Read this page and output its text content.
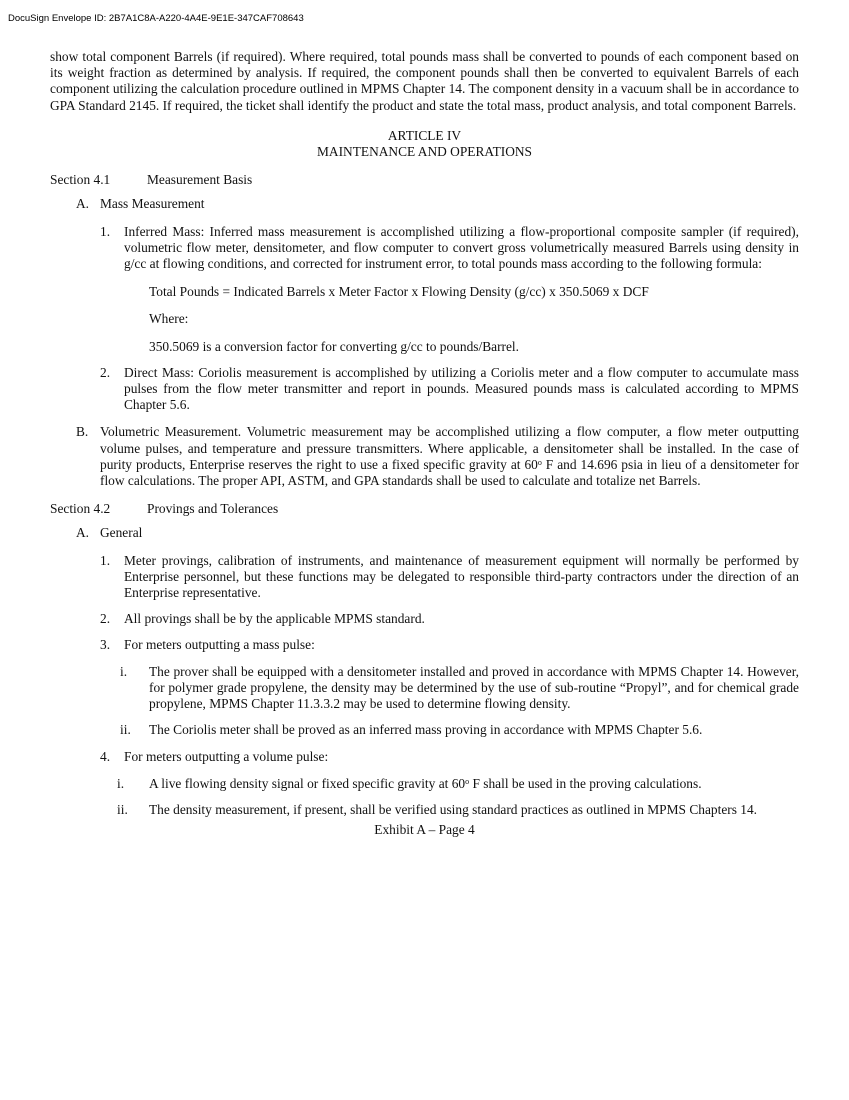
DocuSign Envelope ID: 2B7A1C8A-A220-4A4E-9E1E-347CAF708643

show total component Barrels (if required). Where required, total pounds mass shall be converted to pounds of each component based on its weight fraction as determined by analysis. If required, the component pounds shall then be converted to equivalent Barrels of each component utilizing the calculation procedure outlined in MPMS Chapter 14. The component density in a vacuum shall be in accordance to GPA Standard 2145. If required, the ticket shall identify the product and state the total mass, product analysis, and total component Barrels.

ARTICLE IV

MAINTENANCE AND OPERATIONS

Section 4.1	Measurement Basis

A. Mass Measurement
1.	Inferred Mass: Inferred mass measurement is accomplished utilizing a flow-proportional composite sampler (if required), volumetric flow meter, densitometer, and flow computer to convert gross volumetrically measured Barrels using density in g/cc at flowing conditions, and corrected for instrument error, to total pounds mass according to the following formula:

Total Pounds = Indicated Barrels x Meter Factor x Flowing Density (g/cc) x 350.5069 x DCF

Where:

350.5069 is a conversion factor for converting g/cc to pounds/Barrel.

2.	Direct Mass: Coriolis measurement is accomplished by utilizing a Coriolis meter and a flow computer to accumulate mass pulses from the flow meter transmitter and report in pounds. Measured pounds mass is calculated according to MPMS Chapter 5.6.
B. Volumetric Measurement. Volumetric measurement may be accomplished utilizing a flow computer, a flow meter outputting volume pulses, and temperature and pressure transmitters. Where applicable, a densitometer shall be installed. In the case of purity products, Enterprise reserves the right to use a fixed specific gravity at 60$^o$ F and 14.696 psia in lieu of a densitometer for flow calculations. The proper API, ASTM, and GPA standards shall be used to calculate and totalize net Barrels.

Section 4.2	Provings and Tolerances

A. General
1.	Meter provings, calibration of instruments, and maintenance of measurement equipment will normally be performed by Enterprise personnel, but these functions may be delegated to responsible third-party contractors under the direction of an Enterprise representative.
2.	All provings shall be by the applicable MPMS standard.
3.	For meters outputting a mass pulse:
i.	The prover shall be equipped with a densitometer installed and proved in accordance with MPMS Chapter 14. However, for polymer grade propylene, the density may be determined by the use of sub-routine “Propyl”, and for chemical grade propylene, MPMS Chapter 11.3.3.2 may be used to determine flowing density.
ii.	The Coriolis meter shall be proved as an inferred mass proving in accordance with MPMS Chapter 5.6.
4.	For meters outputting a volume pulse:
i.	A live flowing density signal or fixed specific gravity at 60$^o$ F shall be used in the proving calculations.
ii.	The density measurement, if present, shall be verified using standard practices as outlined in MPMS Chapters 14.

Exhibit A – Page 4
